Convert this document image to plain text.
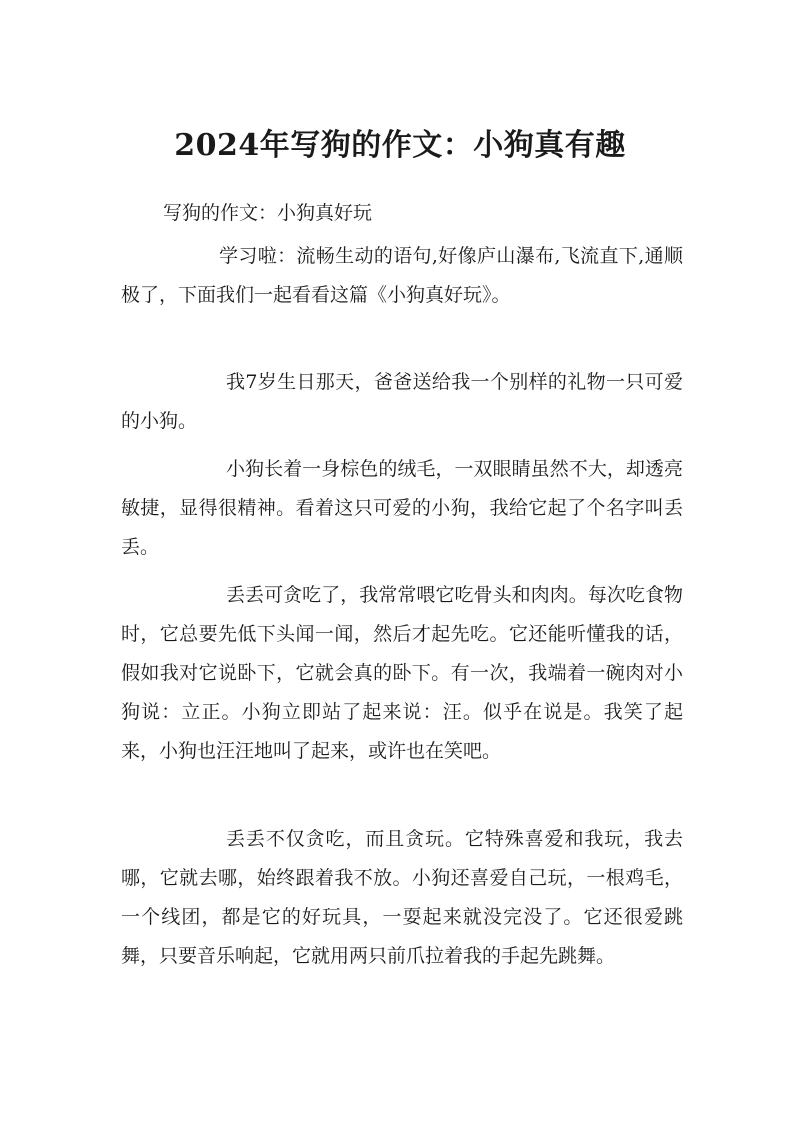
2024年写狗的作文：小狗真有趣
写狗的作文：小狗真好玩
学习啦：流畅生动的语句,好像庐山瀑布,飞流直下,通顺极了，下面我们一起看看这篇《小狗真好玩》。
我7岁生日那天，爸爸送给我一个别样的礼物一只可爱的小狗。
小狗长着一身棕色的绒毛，一双眼睛虽然不大，却透亮敏捷，显得很精神。看着这只可爱的小狗，我给它起了个名字叫丢丢。
丢丢可贪吃了，我常常喂它吃骨头和肉肉。每次吃食物时，它总要先低下头闻一闻，然后才起先吃。它还能听懂我的话，假如我对它说卧下，它就会真的卧下。有一次，我端着一碗肉对小狗说：立正。小狗立即站了起来说：汪。似乎在说是。我笑了起来，小狗也汪汪地叫了起来，或许也在笑吧。
丢丢不仅贪吃，而且贪玩。它特殊喜爱和我玩，我去哪，它就去哪，始终跟着我不放。小狗还喜爱自己玩，一根鸡毛，一个线团，都是它的好玩具，一耍起来就没完没了。它还很爱跳舞，只要音乐响起，它就用两只前爪拉着我的手起先跳舞。
